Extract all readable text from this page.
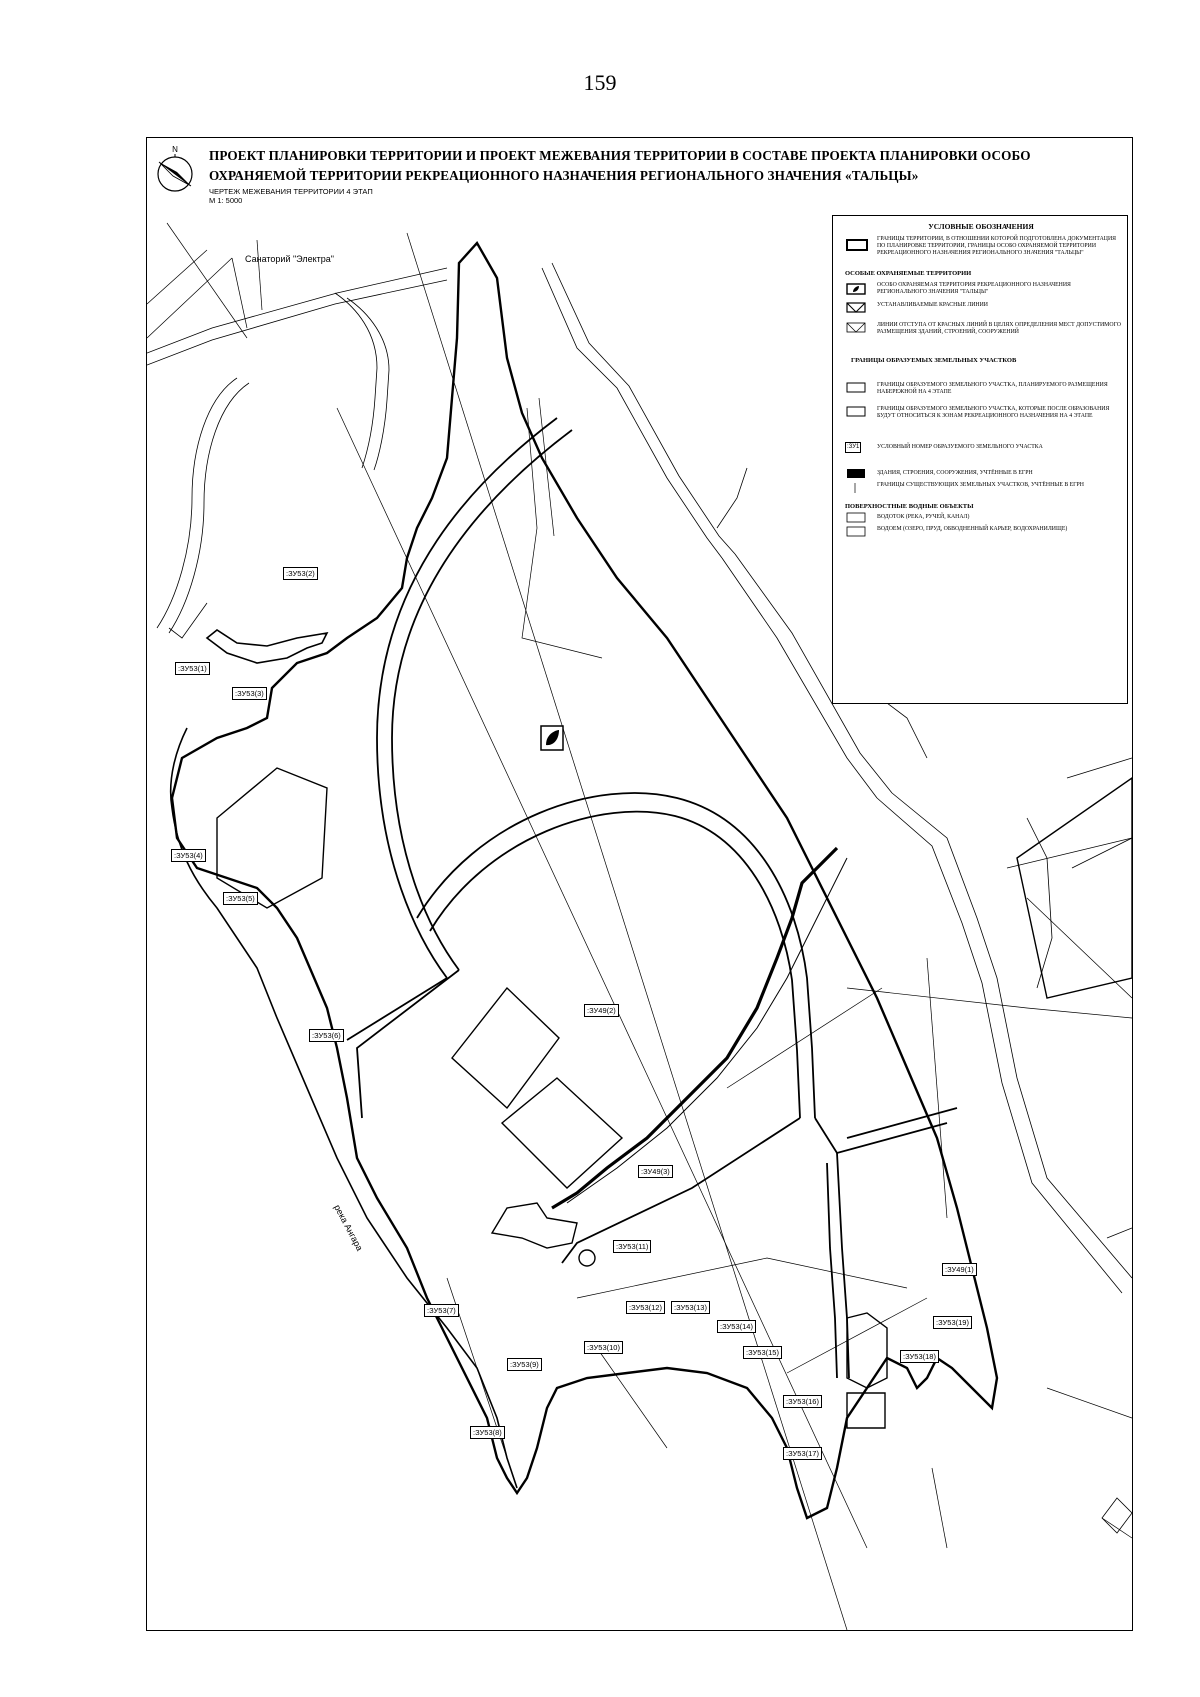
159
N ПРОЕКТ ПЛАНИРОВКИ ТЕРРИТОРИИ И ПРОЕКТ МЕЖЕВАНИЯ ТЕРРИТОРИИ В СОСТАВЕ ПРОЕКТА ПЛАНИРОВКИ ОСОБО ОХРАНЯЕМОЙ ТЕРРИТОРИИ РЕКРЕАЦИОННОГО НАЗНАЧЕНИЯ РЕГИОНАЛЬНОГО ЗНАЧЕНИЯ «ТАЛЬЦЫ»
ЧЕРТЕЖ МЕЖЕВАНИЯ ТЕРРИТОРИИ 4 ЭТАП
М 1: 5000
Санаторий "Электра"
река Ангара
:ЗУ53(2)
:ЗУ53(1)
:ЗУ53(3)
:ЗУ53(4)
:ЗУ53(5)
:ЗУ53(6)
:ЗУ49(2)
:ЗУ49(3)
:ЗУ53(11)
:ЗУ53(7)	:ЗУ53(12)	:ЗУ53(13)
:ЗУ53(14)
:ЗУ53(15)
:ЗУ49(1)
:ЗУ53(10)
:ЗУ53(9)
:ЗУ53(19)
:ЗУ53(18)
:ЗУ53(16)
:ЗУ53(8)
:ЗУ53(17)
УСЛОВНЫЕ ОБОЗНАЧЕНИЯ
ГРАНИЦЫ ТЕРРИТОРИИ, В ОТНОШЕНИИ КОТОРОЙ ПОДГОТОВЛЕНА ДОКУМЕНТАЦИЯ ПО ПЛАНИРОВКЕ ТЕРРИТОРИИ, ГРАНИЦЫ ОСОБО ОХРАНЯЕМОЙ ТЕРРИТОРИИ РЕКРЕАЦИОННОГО НАЗНАЧЕНИЯ РЕГИОНАЛЬНОГО ЗНАЧЕНИЯ "ТАЛЬЦЫ"
ОСОБЫЕ ОХРАНЯЕМЫЕ ТЕРРИТОРИИ
ОСОБО ОХРАНЯЕМАЯ ТЕРРИТОРИЯ РЕКРЕАЦИОННОГО НАЗНАЧЕНИЯ РЕГИОНАЛЬНОГО ЗНАЧЕНИЯ "ТАЛЬЦЫ"
УСТАНАВЛИВАЕМЫЕ КРАСНЫЕ ЛИНИИ
ЛИНИИ ОТСТУПА ОТ КРАСНЫХ ЛИНИЙ В ЦЕЛЯХ ОПРЕДЕЛЕНИЯ МЕСТ ДОПУСТИМОГО РАЗМЕЩЕНИЯ ЗДАНИЙ, СТРОЕНИЙ, СООРУЖЕНИЙ
ГРАНИЦЫ ОБРАЗУЕМЫХ ЗЕМЕЛЬНЫХ УЧАСТКОВ
ГРАНИЦЫ ОБРАЗУЕМОГО ЗЕМЕЛЬНОГО УЧАСТКА, ПЛАНИРУЕМОГО РАЗМЕЩЕНИЯ НАБЕРЕЖНОЙ НА 4 ЭТАПЕ
ГРАНИЦЫ ОБРАЗУЕМОГО ЗЕМЕЛЬНОГО УЧАСТКА, КОТОРЫЕ ПОСЛЕ ОБРАЗОВАНИЯ БУДУТ ОТНОСИТЬСЯ К ЗОНАМ РЕКРЕАЦИОННОГО НАЗНАЧЕНИЯ НА 4 ЭТАПЕ
:ЗУ1	УСЛОВНЫЙ НОМЕР ОБРАЗУЕМОГО ЗЕМЕЛЬНОГО УЧАСТКА
ЗДАНИЯ, СТРОЕНИЯ, СООРУЖЕНИЯ, УЧТЁННЫЕ В ЕГРН
ГРАНИЦЫ СУЩЕСТВУЮЩИХ ЗЕМЕЛЬНЫХ УЧАСТКОВ, УЧТЁННЫЕ В ЕГРН
ПОВЕРХНОСТНЫЕ ВОДНЫЕ ОБЪЕКТЫ
ВОДОТОК (РЕКА, РУЧЕЙ, КАНАЛ)
ВОДОЕМ (ОЗЕРО, ПРУД, ОБВОДНЕННЫЙ КАРЬЕР, ВОДОХРАНИЛИЩЕ)
